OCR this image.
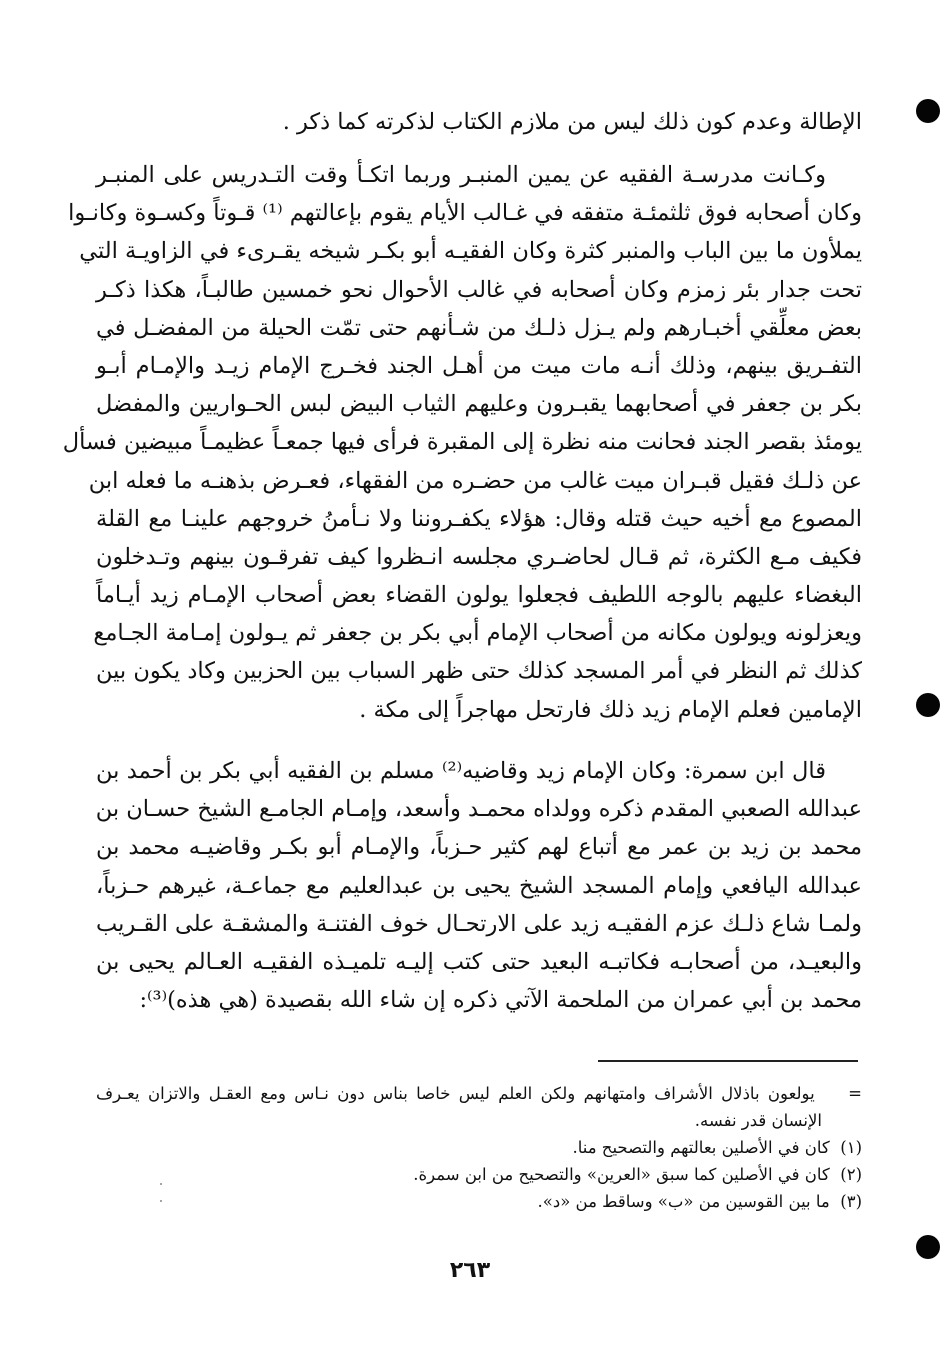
الإطالة وعدم كون ذلك ليس من ملازم الكتاب لذكرته كما ذكر .
وكـانت مدرسـة الفقيه عن يمين المنبـر وربما اتكـأ وقت التـدريس على المنبـر
وكان أصحابه فوق ثلثمئـة متفقه في غـالب الأيام يقوم بإعالتهم ⁽¹⁾ قـوتاً وكسـوة وكانـوا
يملأون ما بين الباب والمنبر كثرة وكان الفقيـه أبو بكـر شيخه يقـرىء في الزاويـة التي
تحت جدار بئر زمزم وكان أصحابه في غالب الأحوال نحو خمسين طالبـاً، هكذا ذكـر
بعض معلِّقي أخبـارهم ولم يـزل ذلـك من شـأنهم حتى تمّت الحيلة من المفضـل في
التفـريق بينهم، وذلك أنـه مات ميت من أهـل الجند فخـرج الإمام زيـد والإمـام أبـو
بكر بن جعفر في أصحابهما يقبـرون وعليهم الثياب البيض لبس الحـواريين والمفضل
يومئذ بقصر الجند فحانت منه نظرة إلى المقبرة فرأى فيها جمعـاً عظيمـاً مبيضين فسأل
عن ذلـك فقيل قبـران ميت غالب من حضـره من الفقهاء، فعـرض بذهنـه ما فعله ابن
المصوع مع أخيه حيث قتله وقال: هؤلاء يكفـروننا ولا نـأمنُ خروجهم علينـا مع القلة
فكيف مـع الكثرة، ثم قـال لحاضـري مجلسه انـظروا كيف تفرقـون بينهم وتـدخلون
البغضاء عليهم بالوجه اللطيف فجعلوا يولون القضاء بعض أصحاب الإمـام زيد أيـاماً
ويعزلونه ويولون مكانه من أصحاب الإمام أبي بكر بن جعفر ثم يـولون إمـامة الجـامع
كذلك ثم النظر في أمر المسجد كذلك حتى ظهر السباب بين الحزبين وكاد يكون بين
الإمامين فعلم الإمام زيد ذلك فارتحل مهاجراً إلى مكة .
قال ابن سمرة: وكان الإمام زيد وقاضيه⁽²⁾ مسلم بن الفقيه أبي بكر بن أحمد بن
عبدالله الصعبي المقدم ذكره وولداه محمـد وأسعد، وإمـام الجامـع الشيخ حسـان بن
محمد بن زيد بن عمر مع أتباع لهم كثير حـزباً، والإمـام أبو بكـر وقاضيـه محمد بن
عبدالله اليافعي وإمام المسجد الشيخ يحيى بن عبدالعليم مع جماعـة، غيرهم حـزباً،
ولمـا شاع ذلـك عزم الفقيـه زيد على الارتحـال خوف الفتنـة والمشقـة على القـريب
والبعيـد، من أصحابـه فكاتبـه البعيد حتى كتب إليـه تلميـذه الفقيـه العـالم يحيى بن
محمد بن أبي عمران من الملحمة الآتي ذكره إن شاء الله بقصيدة (هي هذه)⁽³⁾:
=    يولعون باذلال الأشراف وامتهانهم ولكن العلم ليس خاصا بناس دون نـاس ومع العقـل والاتزان يعـرف
الإنسان قدر نفسه.
(١)  كان في الأصلين بعالتهم والتصحيح منا.
(٢)  كان في الأصلين كما سبق «العرين» والتصحيح من ابن سمرة.
(٣)  ما بين القوسين من «ب» وساقط من «د».
٢٦٣
